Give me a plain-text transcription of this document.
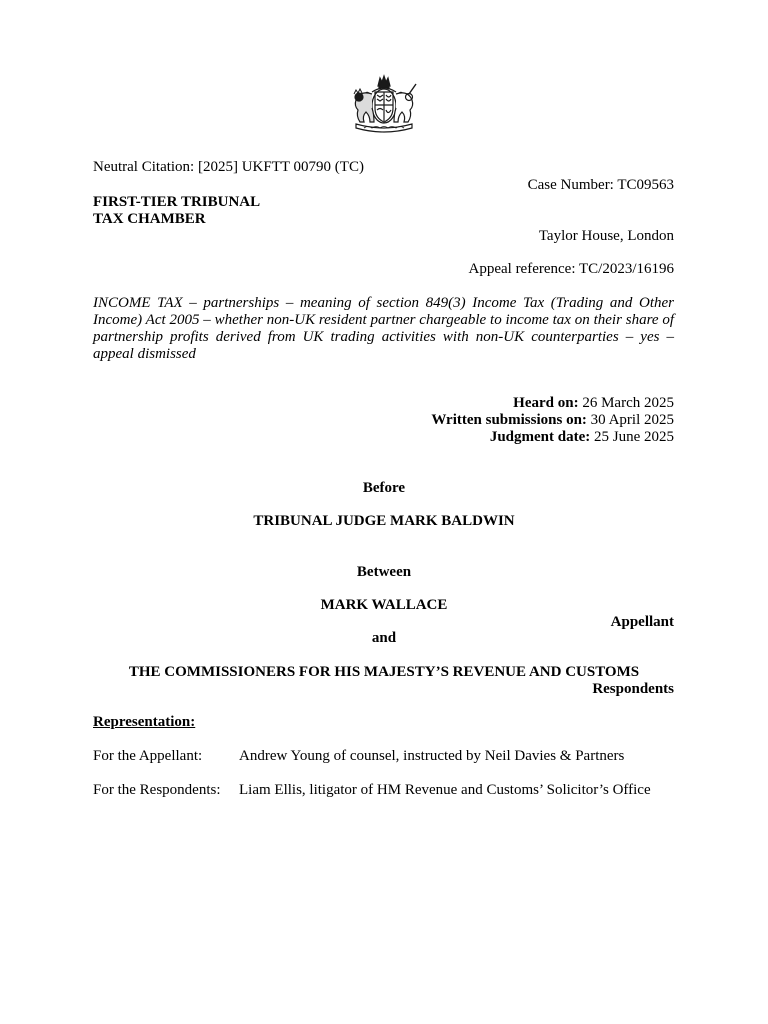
Neutral Citation: [2025] UKFTT 00790 (TC)
Case Number: TC09563
FIRST-TIER TRIBUNAL
TAX CHAMBER
Taylor House, London
Appeal reference: TC/2023/16196
INCOME TAX – partnerships – meaning of section 849(3) Income Tax (Trading and Other Income) Act 2005 – whether non-UK resident partner chargeable to income tax on their share of partnership profits derived from UK trading activities with non-UK counterparties – yes – appeal dismissed
Heard on: 26 March 2025
Written submissions on: 30 April 2025
Judgment date: 25 June 2025
Before
TRIBUNAL JUDGE MARK BALDWIN
Between
MARK WALLACE
Appellant
and
THE COMMISSIONERS FOR HIS MAJESTY’S REVENUE AND CUSTOMS
Respondents
Representation:
For the Appellant: Andrew Young of counsel, instructed by Neil Davies & Partners
For the Respondents: Liam Ellis, litigator of HM Revenue and Customs’ Solicitor’s Office
